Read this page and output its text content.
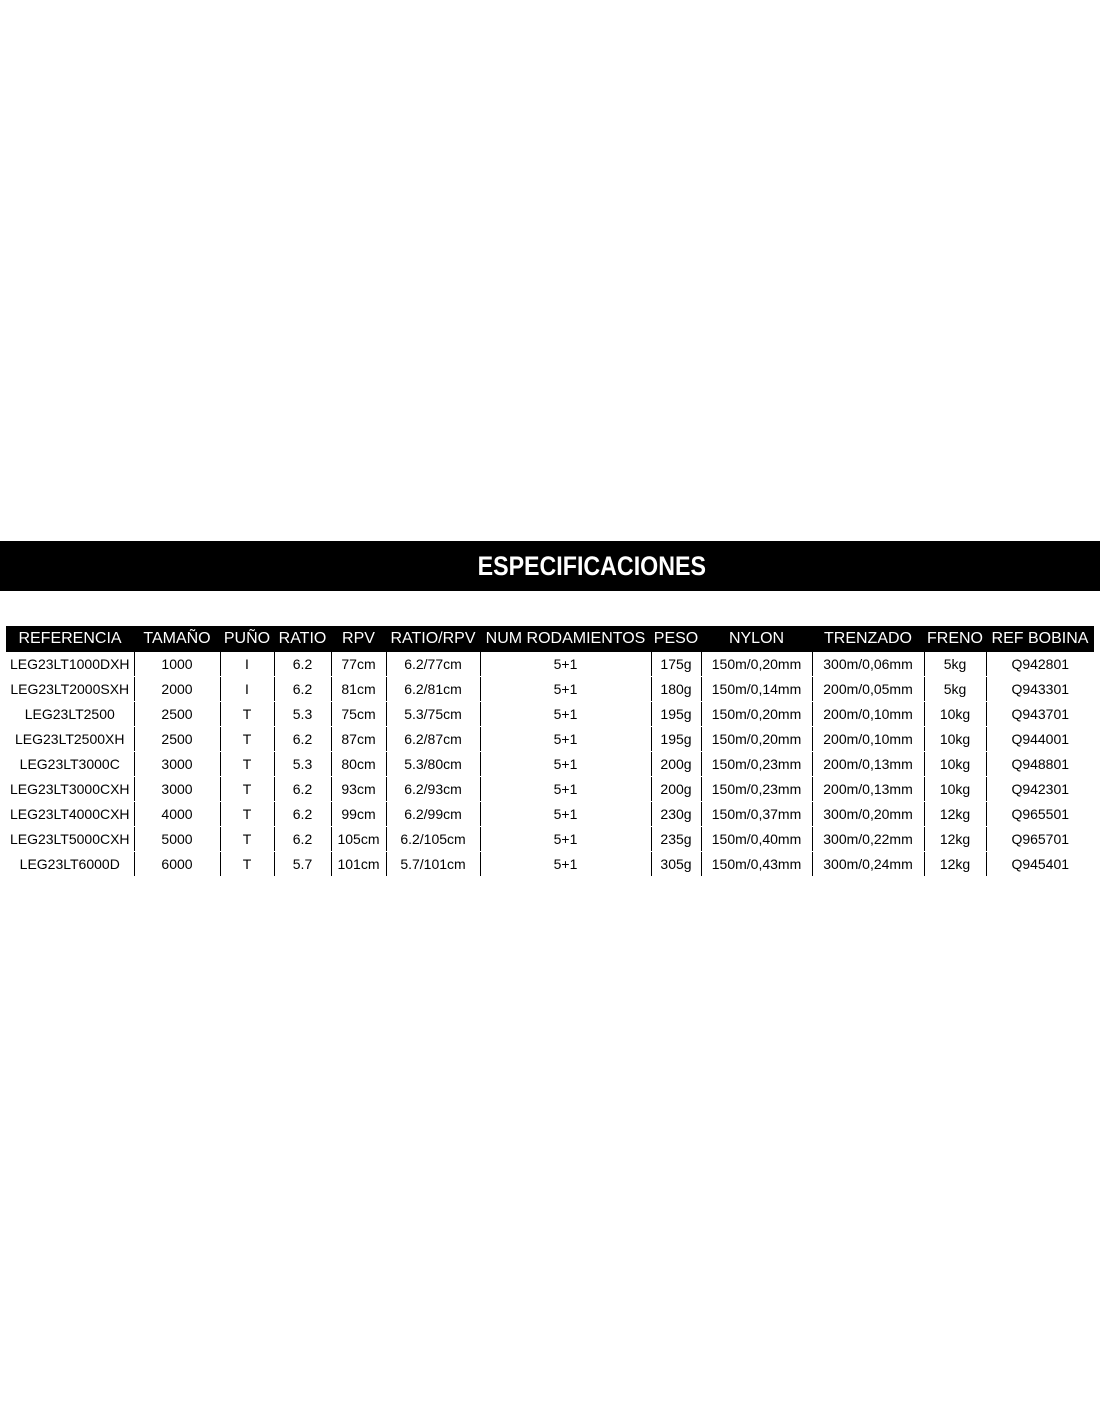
ESPECIFICACIONES
REFERENCIA	TAMAÑO	PUÑO	RATIO	RPV	RATIO/RPV	NUM RODAMIENTOS	PESO	NYLON	TRENZADO	FRENO	REF BOBINA
LEG23LT1000DXH	1000	I	6.2	77cm	6.2/77cm	5+1	175g	150m/0,20mm	300m/0,06mm	5kg	Q942801
LEG23LT2000SXH	2000	I	6.2	81cm	6.2/81cm	5+1	180g	150m/0,14mm	200m/0,05mm	5kg	Q943301
LEG23LT2500	2500	T	5.3	75cm	5.3/75cm	5+1	195g	150m/0,20mm	200m/0,10mm	10kg	Q943701
LEG23LT2500XH	2500	T	6.2	87cm	6.2/87cm	5+1	195g	150m/0,20mm	200m/0,10mm	10kg	Q944001
LEG23LT3000C	3000	T	5.3	80cm	5.3/80cm	5+1	200g	150m/0,23mm	200m/0,13mm	10kg	Q948801
LEG23LT3000CXH	3000	T	6.2	93cm	6.2/93cm	5+1	200g	150m/0,23mm	200m/0,13mm	10kg	Q942301
LEG23LT4000CXH	4000	T	6.2	99cm	6.2/99cm	5+1	230g	150m/0,37mm	300m/0,20mm	12kg	Q965501
LEG23LT5000CXH	5000	T	6.2	105cm	6.2/105cm	5+1	235g	150m/0,40mm	300m/0,22mm	12kg	Q965701
LEG23LT6000D	6000	T	5.7	101cm	5.7/101cm	5+1	305g	150m/0,43mm	300m/0,24mm	12kg	Q945401
